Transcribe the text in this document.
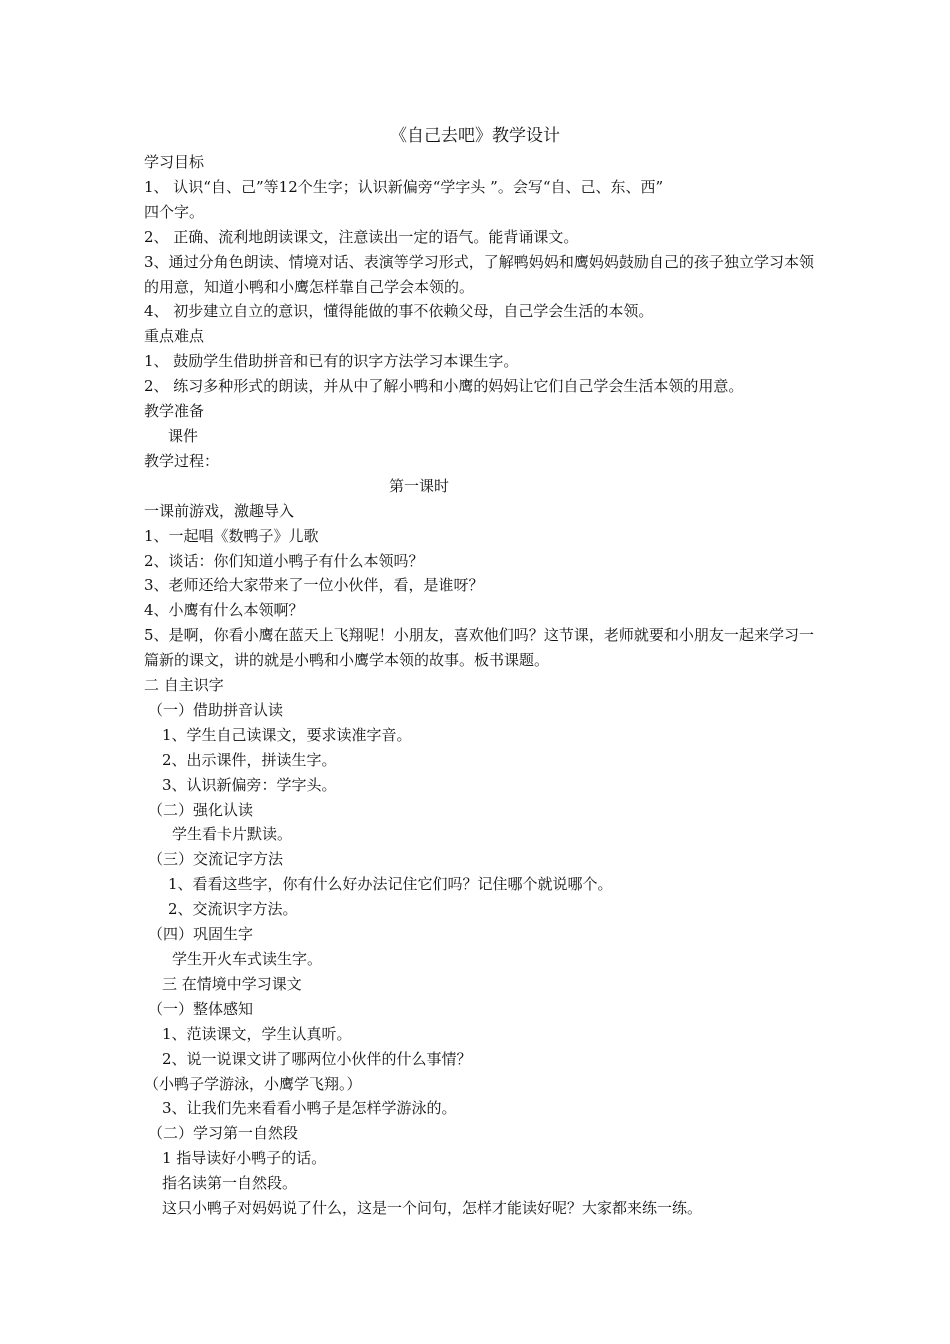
《自己去吧》教学设计
学习目标
1、 认识“自、己”等12个生字；认识新偏旁“学字头 ”。会写“自、己、东、西”
四个字。
2、 正确、流利地朗读课文，注意读出一定的语气。能背诵课文。
3、通过分角色朗读、情境对话、表演等学习形式，了解鸭妈妈和鹰妈妈鼓励自己的孩子独立学习本领的用意，知道小鸭和小鹰怎样靠自己学会本领的。
4、 初步建立自立的意识，懂得能做的事不依赖父母，自己学会生活的本领。
重点难点
1、 鼓励学生借助拼音和已有的识字方法学习本课生字。
2、 练习多种形式的朗读，并从中了解小鸭和小鹰的妈妈让它们自己学会生活本领的用意。
教学准备
课件
教学过程：
第一课时
一课前游戏，激趣导入
1、一起唱《数鸭子》儿歌
2、谈话：你们知道小鸭子有什么本领吗？
3、老师还给大家带来了一位小伙伴，看，是谁呀？
4、小鹰有什么本领啊？
5、是啊，你看小鹰在蓝天上飞翔呢！小朋友，喜欢他们吗？这节课，老师就要和小朋友一起来学习一篇新的课文，讲的就是小鸭和小鹰学本领的故事。板书课题。
二 自主识字
（一）借助拼音认读
1、学生自己读课文，要求读准字音。
2、出示课件，拼读生字。
3、认识新偏旁：学字头。
（二）强化认读
学生看卡片默读。
（三）交流记字方法
1、看看这些字，你有什么好办法记住它们吗？记住哪个就说哪个。
2、交流识字方法。
（四）巩固生字
学生开火车式读生字。
三 在情境中学习课文
（一）整体感知
1、范读课文，学生认真听。
2、说一说课文讲了哪两位小伙伴的什么事情？
（小鸭子学游泳，小鹰学飞翔。）
3、让我们先来看看小鸭子是怎样学游泳的。
（二）学习第一自然段
1 指导读好小鸭子的话。
指名读第一自然段。
这只小鸭子对妈妈说了什么，这是一个问句，怎样才能读好呢？大家都来练一练。
